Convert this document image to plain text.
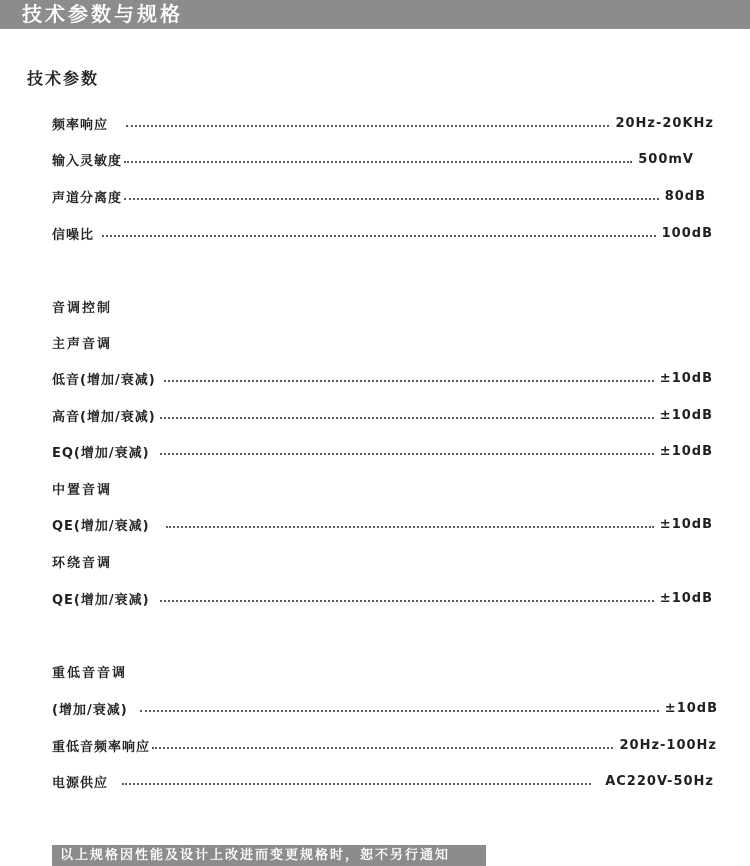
技术参数与规格
技术参数
频率响应	20Hz-20KHz
输入灵敏度	500mV
声道分离度	80dB
信噪比	100dB
音调控制
主声音调
低音(增加/衰减)	±10dB
高音(增加/衰减)	±10dB
EQ(增加/衰减)	±10dB
中置音调
QE(增加/衰减)	±10dB
环绕音调
QE(增加/衰减)	±10dB
重低音音调
(增加/衰减)	±10dB
重低音频率响应	20Hz-100Hz
电源供应	AC220V-50Hz
以上规格因性能及设计上改进而变更规格时，恕不另行通知
